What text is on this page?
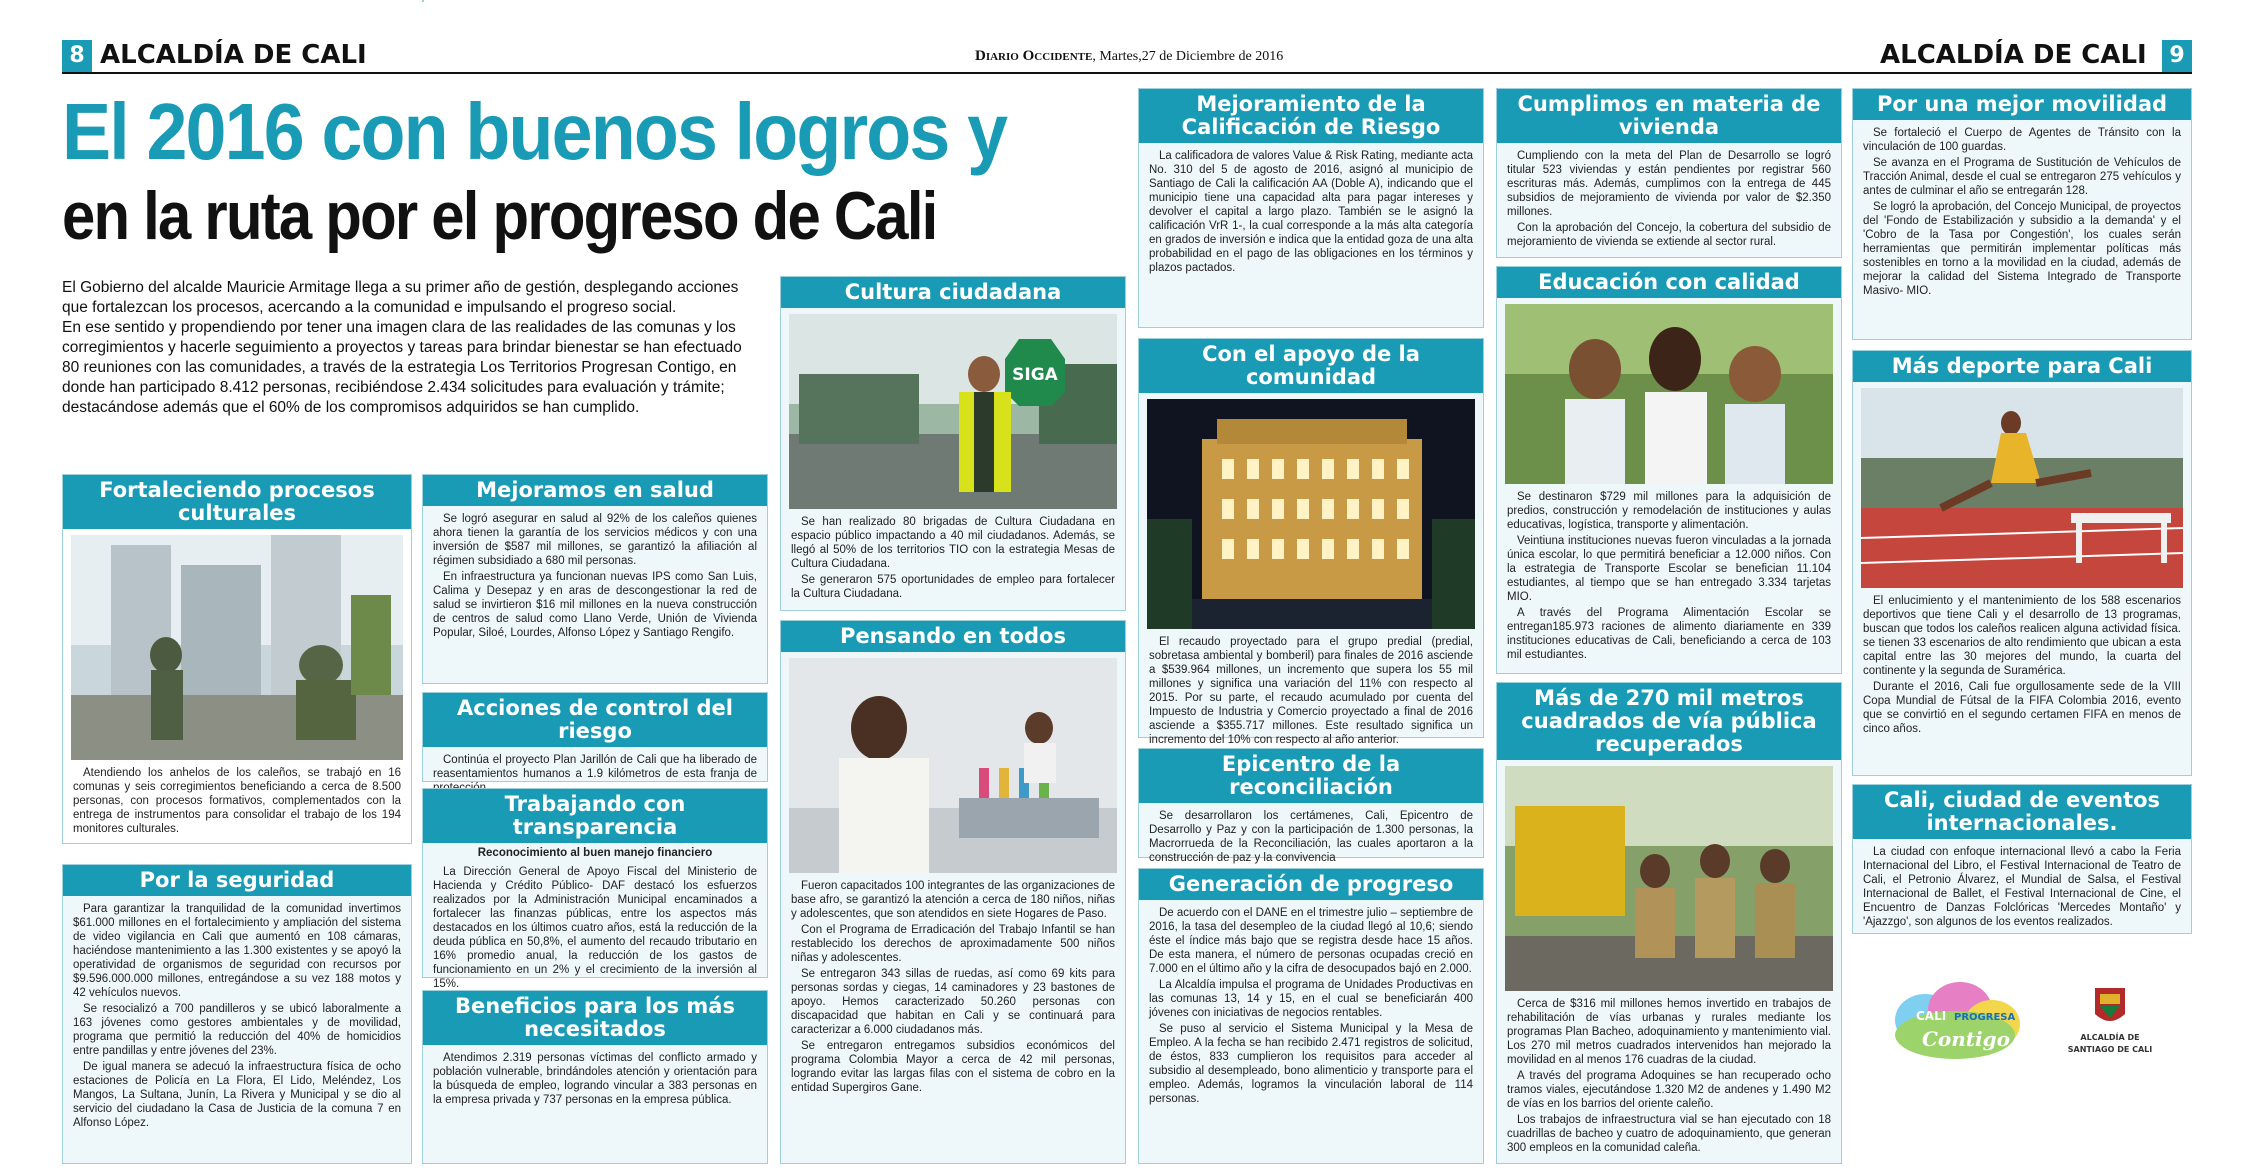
8 ALCALDÍA DE CALI	Diario Occidente, Martes,27 de Diciembre de 2016	ALCALDÍA DE CALI	9
El 2016 con buenos logros y
en la ruta por el progreso de Cali

El Gobierno del alcalde Mauricie Armitage llega a su primer año de gestión, desplegando acciones que fortalezcan los procesos, acercando a la comunidad e impulsando el progreso social.

En ese sentido y propendiendo por tener una imagen clara de las realidades de las comunas y los corregimientos y hacerle seguimiento a proyectos y tareas para brindar bienestar se han efectuado 80 reuniones con las comunidades, a través de la estrategia Los Territorios Progresan Contigo, en donde han participado 8.412 personas, recibiéndose 2.434 solicitudes para evaluación y trámite; destacándose además que el 60% de los compromisos adquiridos se han cumplido.

Fortaleciendo procesos culturales

Atendiendo los anhelos de los caleños, se trabajó en 16 comunas y seis corregimientos beneficiando a cerca de 8.500 personas, con procesos formativos, complementados con la entrega de instrumentos para consolidar el trabajo de los 194 monitores culturales.

Por la seguridad

Para garantizar la tranquilidad de la comunidad invertimos $61.000 millones en el fortalecimiento y ampliación del sistema de video vigilancia en Cali que aumentó en 108 cámaras, haciéndose mantenimiento a las 1.300 existentes y se apoyó la operatividad de organismos de seguridad con recursos por $9.596.000.000 millones, entregándose a su vez 188 motos y 42 vehículos nuevos.

Se resocializó a 700 pandilleros y se ubicó laboralmente a 163 jóvenes como gestores ambientales y de movilidad, programa que permitió la reducción del 40% de homicidios entre pandillas y entre jóvenes del 23%.

De igual manera se adecuó la infraestructura física de ocho estaciones de Policía en La Flora, El Lido, Meléndez, Los Mangos, La Sultana, Junín, La Rivera y Municipal y se dio al servicio del ciudadano la Casa de Justicia de la comuna 7 en Alfonso López.

Mejoramos en salud

Se logró asegurar en salud al 92% de los caleños quienes ahora tienen la garantía de los servicios médicos y con una inversión de $587 mil millones, se garantizó la afiliación al régimen subsidiado a 680 mil personas.

En infraestructura ya funcionan nuevas IPS como San Luis, Calima y Desepaz y en aras de descongestionar la red de salud se invirtieron $16 mil millones en la nueva construcción de centros de salud como Llano Verde, Unión de Vivienda Popular, Siloé, Lourdes, Alfonso López y Santiago Rengifo.

Acciones de control del riesgo

Continúa el proyecto Plan Jarillón de Cali que ha liberado de reasentamientos humanos a 1.9 kilómetros de esta franja de

Trabajando con transparencia
Reconocimiento al buen manejo financiero

La Dirección General de Apoyo Fiscal del Ministerio de Hacienda y Crédito Público- DAF destacó los esfuerzos realizados por la Administración Municipal encaminados a fortalecer las finanzas públicas, entre los aspectos más destacados en los últimos cuatro años, está la reducción de la deuda pública en 50,8%, el aumento del recaudo tributario en 16% promedio anual, la reducción de los gastos de funcionamiento en un 2% y el crecimiento de la inversión al 15%.

Beneficios para los más necesitados

Atendimos 2.319 personas víctimas del conflicto armado y población vulnerable, brindándoles atención y orientación para la búsqueda de empleo, logrando vincular a 383 personas en la empresa privada y 737 personas en la empresa pública.

Cultura ciudadana
SIGA

Se han realizado 80 brigadas de Cultura Ciudadana en espacio público impactando a 40 mil ciudadanos. Además, se llegó al 50% de los territorios TIO con la estrategia Mesas de Cultura Ciudadana.

Se generaron 575 oportunidades de empleo para fortalecer la Cultura Ciudadana.

Pensando en todos

Fueron capacitados 100 integrantes de las organizaciones de base afro, se garantizó la atención a cerca de 180 niños, niñas y adolescentes, que son atendidos en siete Hogares de Paso.

Con el Programa de Erradicación del Trabajo Infantil se han restablecido los derechos de aproximadamente 500 niños niñas y adolescentes.

Se entregaron 343 sillas de ruedas, así como 69 kits para personas sordas y ciegas, 14 caminadores y 23 bastones de apoyo. Hemos caracterizado 50.260 personas con discapacidad que habitan en Cali y se continuará para caracterizar a 6.000 ciudadanos más.

Se entregaron entregamos subsidios económicos del programa Colombia Mayor a cerca de 42 mil personas, logrando evitar las largas filas con el sistema de cobro en la entidad Supergiros Gane.

Mejoramiento de la Calificación de Riesgo

La calificadora de valores Value & Risk Rating, mediante acta No. 310 del 5 de agosto de 2016, asignó al municipio de Santiago de Cali la calificación AA (Doble A), indicando que el municipio tiene una capacidad alta para pagar intereses y devolver el capital a largo plazo. También se le asignó la calificación VrR 1-, la cual corresponde a la más alta categoría en grados de inversión e indica que la entidad goza de una alta probabilidad en el pago de las obligaciones en los términos y plazos pactados.

Con el apoyo de la comunidad

El recaudo proyectado para el grupo predial (predial, sobretasa ambiental y bomberil) para finales de 2016 asciende a $539.964 millones, un incremento que supera los 55 mil millones y significa una variación del 11% con respecto al 2015. Por su parte, el recaudo acumulado por cuenta del Impuesto de Industria y Comercio proyectado a final de 2016 asciende a $355.717 millones. Este resultado significa un incremento del 10% con respecto al año anterior.

Epicentro de la reconciliación

Se desarrollaron los certámenes, Cali, Epicentro de Desarrollo y Paz y con la participación de 1.300 personas, la Macrorrueda de la Reconciliación, las cuales aportaron a la construcción de paz y la convivencia

Generación de progreso

De acuerdo con el DANE en el trimestre julio – septiembre de 2016, la tasa del desempleo de la ciudad llegó al 10,6; siendo éste el índice más bajo que se registra desde hace 15 años. De esta manera, el número de personas ocupadas creció en 7.000 en el último año y la cifra de desocupados bajó en 2.000.

La Alcaldía impulsa el programa de Unidades Productivas en las comunas 13, 14 y 15, en el cual se beneficiarán 400 jóvenes con iniciativas de negocios rentables.

Se puso al servicio el Sistema Municipal y la Mesa de Empleo. A la fecha se han recibido 2.471 registros de solicitud, de éstos, 833 cumplieron los requisitos para acceder al subsidio al desempleado, bono alimenticio y transporte para el empleo. Además, logramos la vinculación laboral de 114 personas.

Cumplimos en materia de vivienda

Cumpliendo con la meta del Plan de Desarrollo se logró titular 523 viviendas y están pendientes por registrar 560 escrituras más. Además, cumplimos con la entrega de 445 subsidios de mejoramiento de vivienda por valor de $2.350 millones.

Con la aprobación del Concejo, la cobertura del subsidio de mejoramiento de vivienda se extiende al sector rural.

Educación con calidad

Se destinaron $729 mil millones para la adquisición de predios, construcción y remodelación de instituciones y aulas educativas, logística, transporte y alimentación.

Veintiuna instituciones nuevas fueron vinculadas a la jornada única escolar, lo que permitirá beneficiar a 12.000 niños. Con la estrategia de Transporte Escolar se benefician 11.104 estudiantes, al tiempo que se han entregado 3.334 tarjetas MIO.

A través del Programa Alimentación Escolar se entregan185.973 raciones de alimento diariamente en 339 instituciones educativas de Cali, beneficiando a cerca de 103 mil estudiantes.

Más de 270 mil metros cuadrados de vía pública recuperados

Cerca de $316 mil millones hemos invertido en trabajos de rehabilitación de vías urbanas y rurales mediante los programas Plan Bacheo, adoquinamiento y mantenimiento vial. Los 270 mil metros cuadrados intervenidos han mejorado la movilidad en al menos 176 cuadras de la ciudad.

A través del programa Adoquines se han recuperado ocho tramos viales, ejecutándose 1.320 M2 de andenes y 1.490 M2 de vías en los barrios del oriente caleño.

Los trabajos de infraestructura vial se han ejecutado con 18 cuadrillas de bacheo y cuatro de adoquinamiento, que generan 300 empleos en la comunidad caleña.

Por una mejor movilidad

Se fortaleció el Cuerpo de Agentes de Tránsito con la vinculación de 100 guardas.

Se avanza en el Programa de Sustitución de Vehículos de Tracción Animal, desde el cual se entregaron 275 vehículos y antes de culminar el año se entregarán 128.

Se logró la aprobación, del Concejo Municipal, de proyectos del 'Fondo de Estabilización y subsidio a la demanda' y el 'Cobro de la Tasa por Congestión', los cuales serán herramientas que permitirán implementar políticas más sostenibles en torno a la movilidad en la ciudad, además de mejorar la calidad del Sistema Integrado de Transporte Masivo- MIO.

Más deporte para Cali

El enlucimiento y el mantenimiento de los 588 escenarios deportivos que tiene Cali y el desarrollo de 13 programas, buscan que todos los caleños realicen alguna actividad física. se tienen 33 escenarios de alto rendimiento que ubican a esta capital entre las 30 mejores del mundo, la cuarta del continente y la segunda de Suramérica.

Durante el 2016, Cali fue orgullosamente sede de la VIII Copa Mundial de Fútsal de la FIFA Colombia 2016, evento que se convirtió en el segundo certamen FIFA en menos de cinco años.

Cali, ciudad de eventos internacionales.

La ciudad con enfoque internacional llevó a cabo la Feria Internacional del Libro, el Festival Internacional de Teatro de Cali, el Petronio Álvarez, el Mundial de Salsa, el Festival Internacional de Ballet, el Festival Internacional de Cine, el Encuentro de Danzas Folclóricas 'Mercedes Montaño' y 'Ajazzgo', son algunos de los eventos realizados.

CALI PROGRESA
Contigo	ALCALDÍA DE
SANTIAGO DE CALI
